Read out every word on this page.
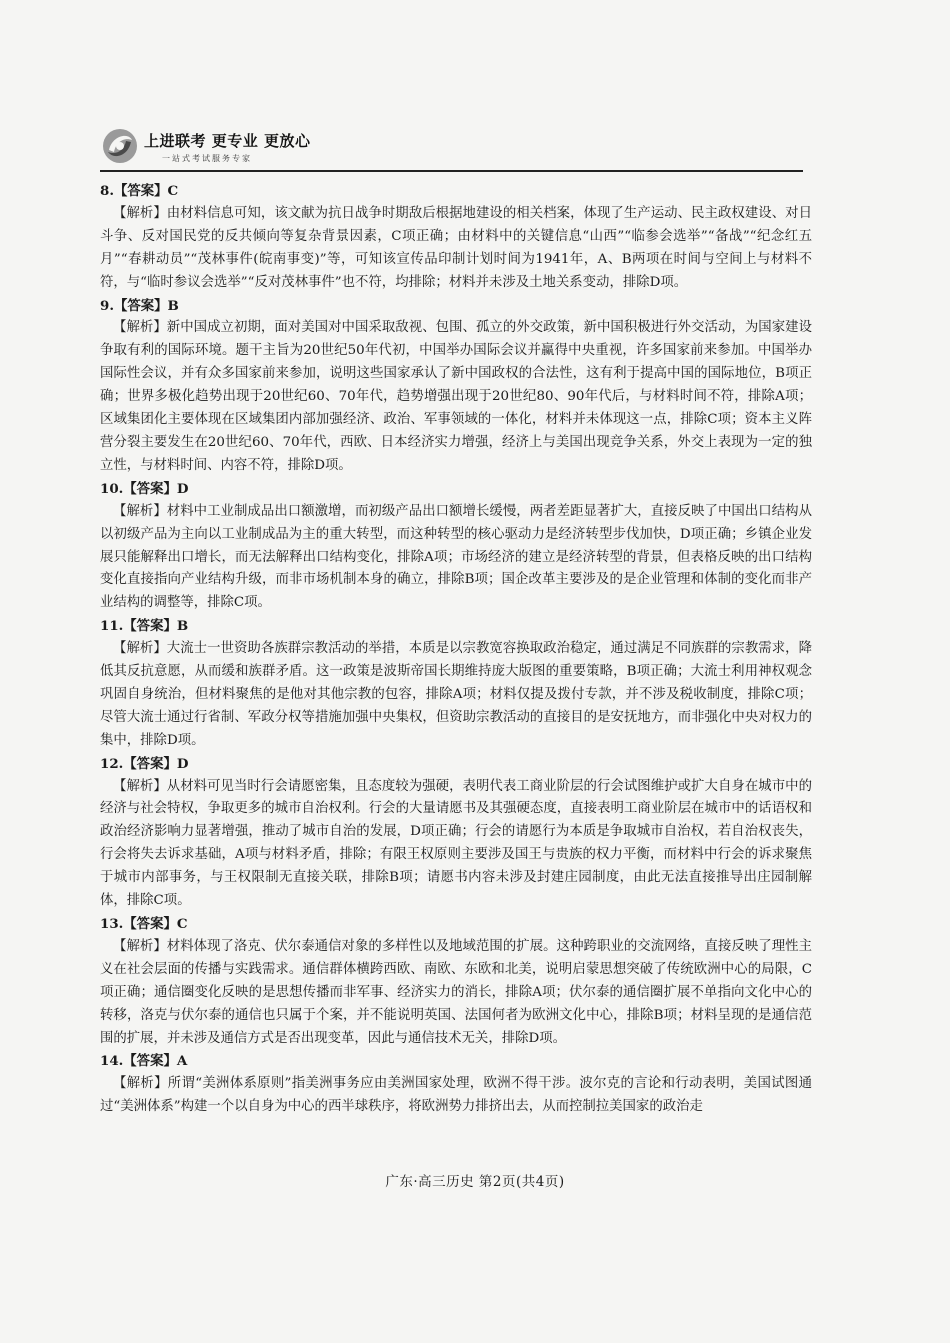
上进联考 更专业 更放心
一站式考试服务专家

8.【答案】C

【解析】由材料信息可知，该文献为抗日战争时期敌后根据地建设的相关档案，体现了生产运动、民主政权建设、对日斗争、反对国民党的反共倾向等复杂背景因素，C项正确；由材料中的关键信息“山西”“临参会选举”“备战”“纪念红五月”“春耕动员”“茂林事件(皖南事变)”等，可知该宣传品印制计划时间为1941年，A、B两项在时间与空间上与材料不符，与“临时参议会选举”“反对茂林事件”也不符，均排除；材料并未涉及土地关系变动，排除D项。

9.【答案】B

【解析】新中国成立初期，面对美国对中国采取敌视、包围、孤立的外交政策，新中国积极进行外交活动，为国家建设争取有利的国际环境。题干主旨为20世纪50年代初，中国举办国际会议并赢得中央重视，许多国家前来参加。中国举办国际性会议，并有众多国家前来参加，说明这些国家承认了新中国政权的合法性，这有利于提高中国的国际地位，B项正确；世界多极化趋势出现于20世纪60、70年代，趋势增强出现于20世纪80、90年代后，与材料时间不符，排除A项；区域集团化主要体现在区域集团内部加强经济、政治、军事领域的一体化，材料并未体现这一点，排除C项；资本主义阵营分裂主要发生在20世纪60、70年代，西欧、日本经济实力增强，经济上与美国出现竞争关系，外交上表现为一定的独立性，与材料时间、内容不符，排除D项。

10.【答案】D

【解析】材料中工业制成品出口额激增，而初级产品出口额增长缓慢，两者差距显著扩大，直接反映了中国出口结构从以初级产品为主向以工业制成品为主的重大转型，而这种转型的核心驱动力是经济转型步伐加快，D项正确；乡镇企业发展只能解释出口增长，而无法解释出口结构变化，排除A项；市场经济的建立是经济转型的背景，但表格反映的出口结构变化直接指向产业结构升级，而非市场机制本身的确立，排除B项；国企改革主要涉及的是企业管理和体制的变化而非产业结构的调整等，排除C项。

11.【答案】B

【解析】大流士一世资助各族群宗教活动的举措，本质是以宗教宽容换取政治稳定，通过满足不同族群的宗教需求，降低其反抗意愿，从而缓和族群矛盾。这一政策是波斯帝国长期维持庞大版图的重要策略，B项正确；大流士利用神权观念巩固自身统治，但材料聚焦的是他对其他宗教的包容，排除A项；材料仅提及拨付专款，并不涉及税收制度，排除C项；尽管大流士通过行省制、军政分权等措施加强中央集权，但资助宗教活动的直接目的是安抚地方，而非强化中央对权力的集中，排除D项。

12.【答案】D

【解析】从材料可见当时行会请愿密集，且态度较为强硬，表明代表工商业阶层的行会试图维护或扩大自身在城市中的经济与社会特权，争取更多的城市自治权利。行会的大量请愿书及其强硬态度，直接表明工商业阶层在城市中的话语权和政治经济影响力显著增强，推动了城市自治的发展，D项正确；行会的请愿行为本质是争取城市自治权，若自治权丧失，行会将失去诉求基础，A项与材料矛盾，排除；有限王权原则主要涉及国王与贵族的权力平衡，而材料中行会的诉求聚焦于城市内部事务，与王权限制无直接关联，排除B项；请愿书内容未涉及封建庄园制度，由此无法直接推导出庄园制解体，排除C项。

13.【答案】C

【解析】材料体现了洛克、伏尔泰通信对象的多样性以及地域范围的扩展。这种跨职业的交流网络，直接反映了理性主义在社会层面的传播与实践需求。通信群体横跨西欧、南欧、东欧和北美，说明启蒙思想突破了传统欧洲中心的局限，C项正确；通信圈变化反映的是思想传播而非军事、经济实力的消长，排除A项；伏尔泰的通信圈扩展不单指向文化中心的转移，洛克与伏尔泰的通信也只属于个案，并不能说明英国、法国何者为欧洲文化中心，排除B项；材料呈现的是通信范围的扩展，并未涉及通信方式是否出现变革，因此与通信技术无关，排除D项。

14.【答案】A

【解析】所谓“美洲体系原则”指美洲事务应由美洲国家处理，欧洲不得干涉。波尔克的言论和行动表明，美国试图通过“美洲体系”构建一个以自身为中心的西半球秩序，将欧洲势力排挤出去，从而控制拉美国家的政治走

广东·高三历史 第2页(共4页)
